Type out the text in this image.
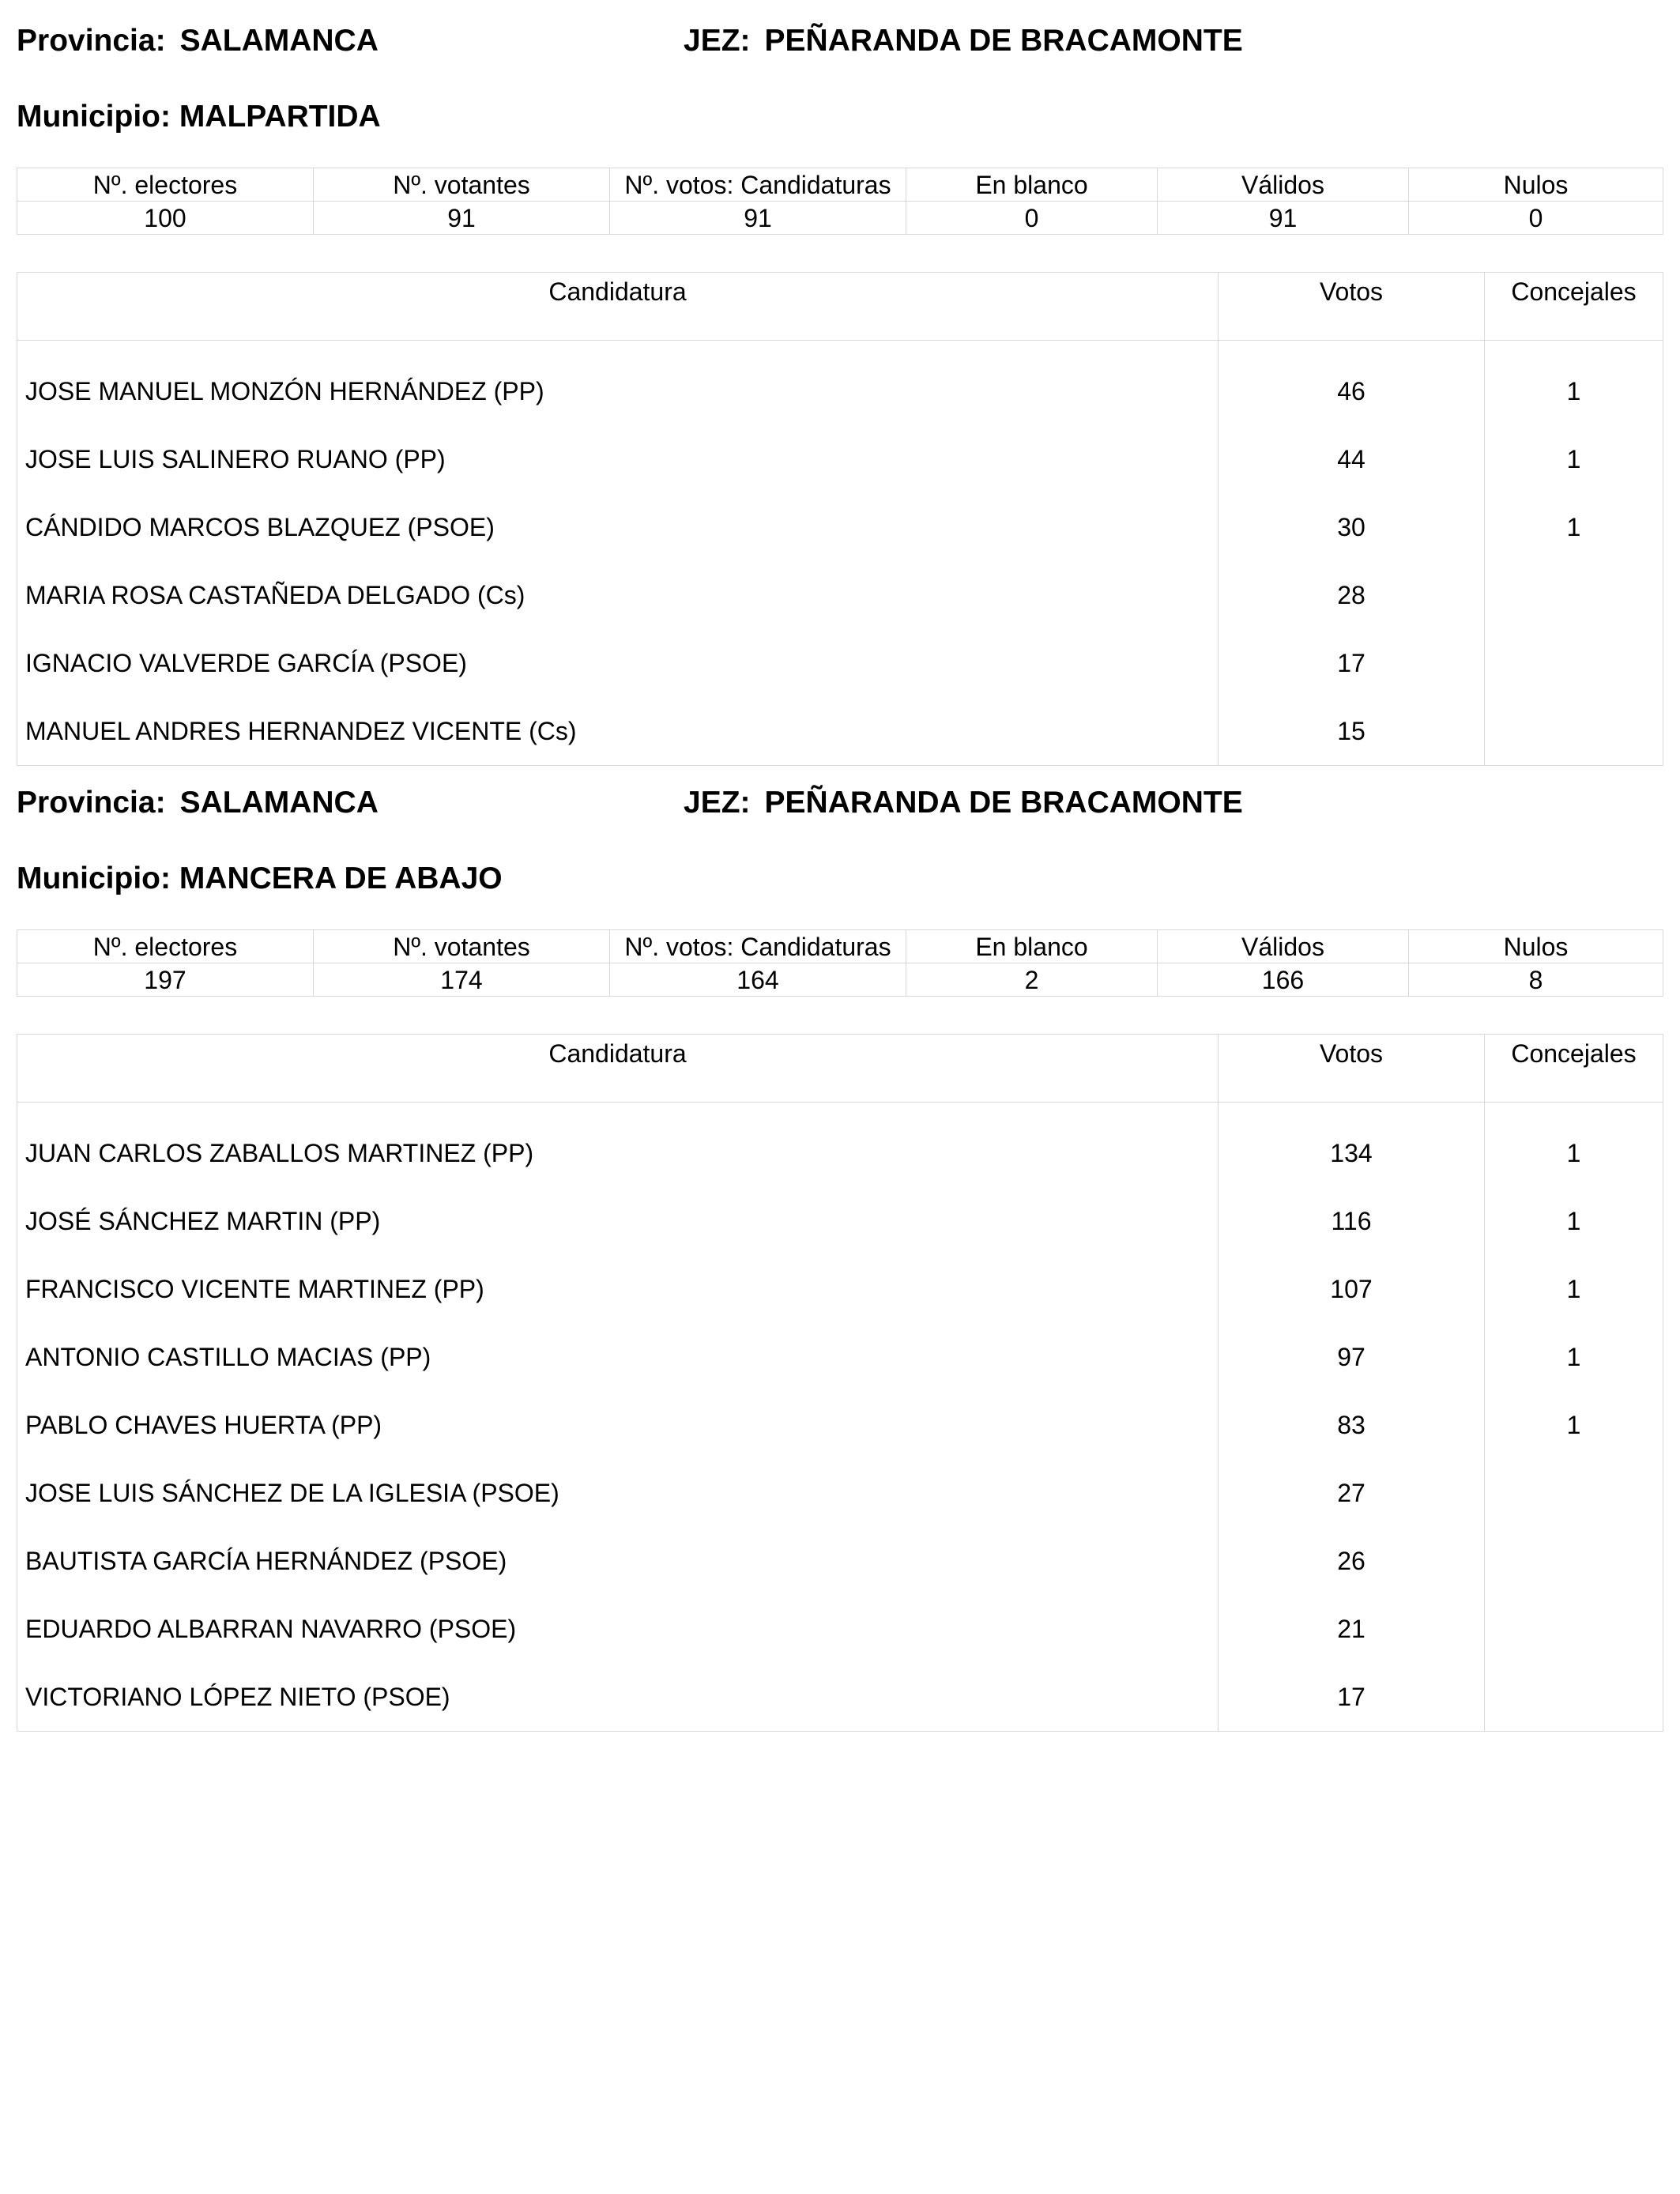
Provincia: SALAMANCA	JEZ: PEÑARANDA DE BRACAMONTE
Municipio: MALPARTIDA
Nº. electores	Nº. votantes	Nº. votos: Candidaturas	En blanco	Válidos	Nulos
100	91	91	0	91	0
Candidatura	Votos	Concejales

JOSE MANUEL MONZÓN HERNÁNDEZ (PP)	46	1
JOSE LUIS SALINERO RUANO (PP)	44	1
CÁNDIDO MARCOS BLAZQUEZ (PSOE)	30	1
MARIA ROSA CASTAÑEDA DELGADO (Cs)	28	
IGNACIO VALVERDE GARCÍA (PSOE)	17	
MANUEL ANDRES HERNANDEZ VICENTE (Cs)	15	
Provincia: SALAMANCA	JEZ: PEÑARANDA DE BRACAMONTE
Municipio: MANCERA DE ABAJO
Nº. electores	Nº. votantes	Nº. votos: Candidaturas	En blanco	Válidos	Nulos
197	174	164	2	166	8
Candidatura	Votos	Concejales

JUAN CARLOS ZABALLOS MARTINEZ (PP)	134	1
JOSÉ SÁNCHEZ MARTIN (PP)	116	1
FRANCISCO VICENTE MARTINEZ (PP)	107	1
ANTONIO CASTILLO MACIAS (PP)	97	1
PABLO CHAVES HUERTA (PP)	83	1
JOSE LUIS SÁNCHEZ DE LA IGLESIA (PSOE)	27	
BAUTISTA GARCÍA HERNÁNDEZ (PSOE)	26	
EDUARDO ALBARRAN NAVARRO (PSOE)	21	
VICTORIANO LÓPEZ NIETO (PSOE)	17	
